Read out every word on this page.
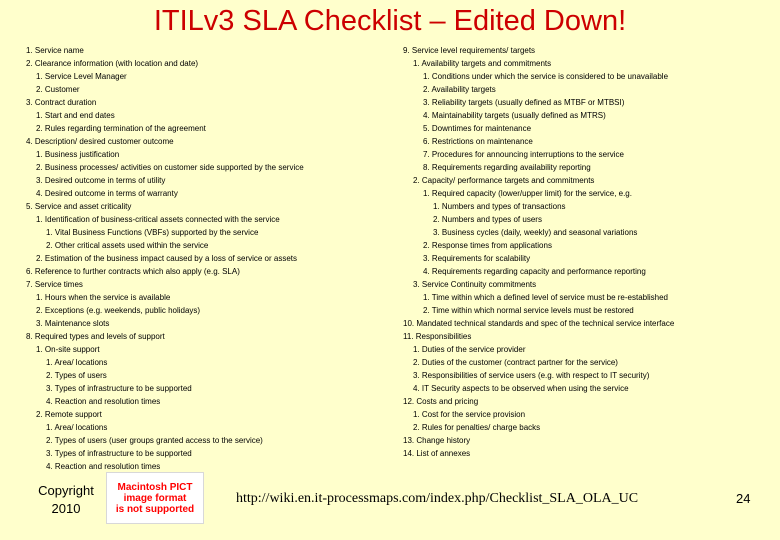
ITILv3 SLA Checklist – Edited Down!
1. Service name
2. Clearance information (with location and date)
1. Service Level Manager
2. Customer
3. Contract duration
1. Start and end dates
2. Rules regarding termination of the agreement
4. Description/ desired customer outcome
1. Business justification
2. Business processes/ activities on customer side supported by the service
3. Desired outcome in terms of utility
4. Desired outcome in terms of warranty
5. Service and asset criticality
1. Identification of business-critical assets connected with the service
1. Vital Business Functions (VBFs) supported by the service
2. Other critical assets used within the service
2. Estimation of the business impact caused by a loss of service or assets
6. Reference to further contracts which also apply (e.g. SLA)
7. Service times
1. Hours when the service is available
2. Exceptions (e.g. weekends, public holidays)
3. Maintenance slots
8. Required types and levels of support
1. On-site support
1. Area/ locations
2. Types of users
3. Types of infrastructure to be supported
4. Reaction and resolution times
2. Remote support
1. Area/ locations
2. Types of users (user groups granted access to the service)
3. Types of infrastructure to be supported
4. Reaction and resolution times
9. Service level requirements/ targets
1. Availability targets and commitments
1. Conditions under which the service is considered to be unavailable
2. Availability targets
3. Reliability targets (usually defined as MTBF or MTBSI)
4. Maintainability targets (usually defined as MTRS)
5. Downtimes for maintenance
6. Restrictions on maintenance
7. Procedures for announcing interruptions to the service
8. Requirements regarding availability reporting
2. Capacity/ performance targets and commitments
1. Required capacity (lower/upper limit) for the service, e.g.
1. Numbers and types of transactions
2. Numbers and types of users
3. Business cycles (daily, weekly) and seasonal variations
2. Response times from applications
3. Requirements for scalability
4. Requirements regarding capacity and performance reporting
3. Service Continuity commitments
1. Time within which a defined level of service must be re-established
2. Time within which normal service levels must be restored
10. Mandated technical standards and spec of the technical service interface
11. Responsibilities
1. Duties of the service provider
2. Duties of the customer (contract partner for the service)
3. Responsibilities of service users (e.g. with respect to IT security)
4. IT Security aspects to be observed when using the service
12. Costs and pricing
1. Cost for the service provision
2. Rules for penalties/ charge backs
13. Change history
14. List of annexes
Copyright
2010
Macintosh PICT
image format
is not supported
http://wiki.en.it-processmaps.com/index.php/Checklist_SLA_OLA_UC	24
